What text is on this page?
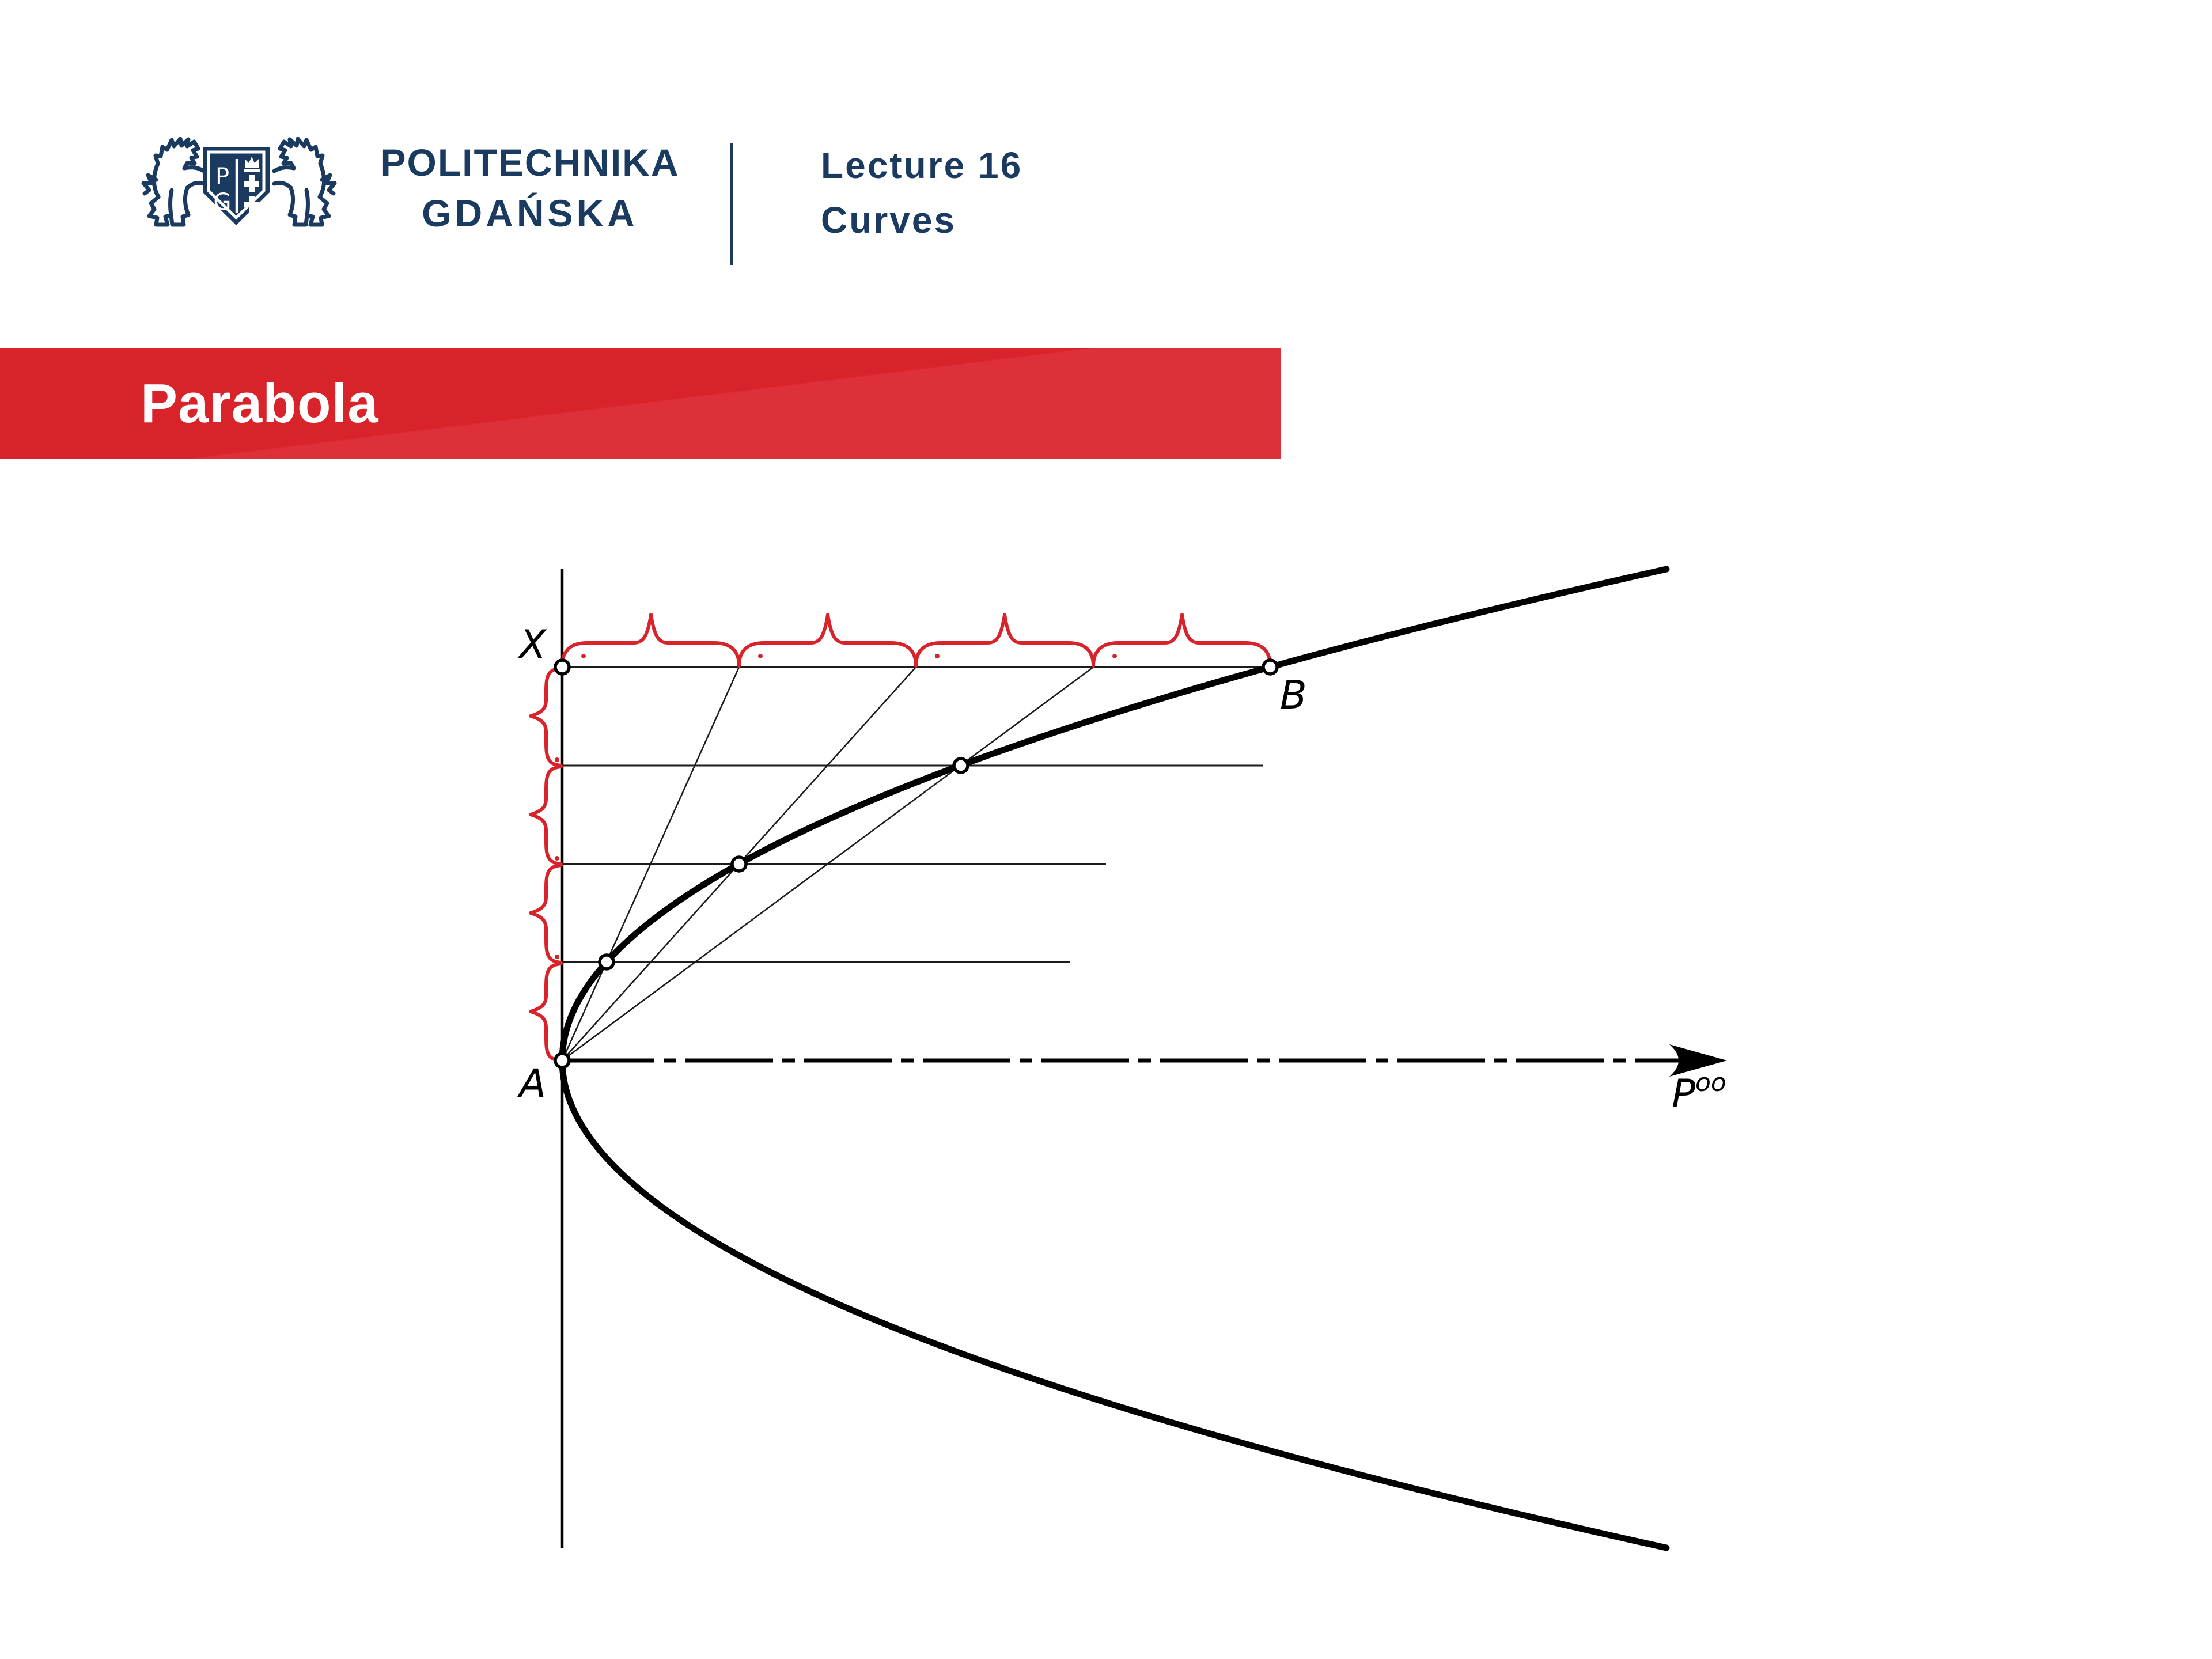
P
G
POLITECHNIKA
GDAŃSKA
Lecture 16
Curves
Parabola
X
A
B
$P^{oo}$
